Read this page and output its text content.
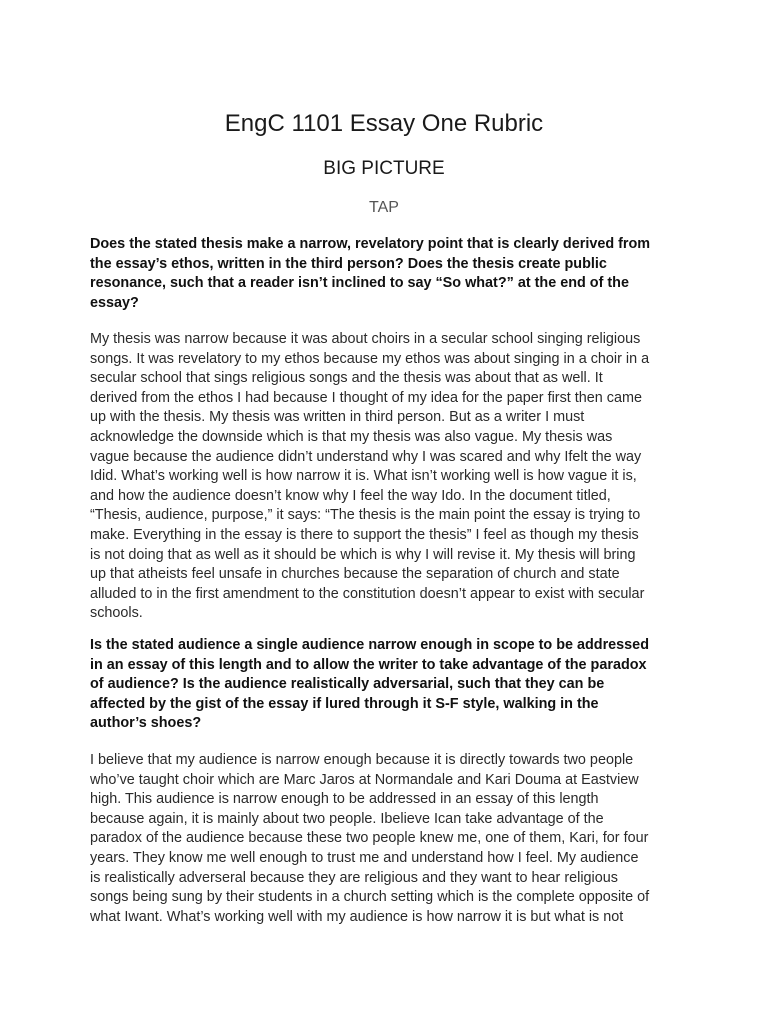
EngC 1101 Essay One Rubric
BIG PICTURE
TAP
Does the stated thesis make a narrow, revelatory point that is clearly derived from
the essay’s ethos, written in the third person? Does the thesis create public
resonance, such that a reader isn’t inclined to say “So what?” at the end of the
essay?
My thesis was narrow because it was about choirs in a secular school singing religious
songs. It was revelatory to my ethos because my ethos was about singing in a choir in a
secular school that sings religious songs and the thesis was about that as well. It
derived from the ethos I had because I thought of my idea for the paper first then came
up with the thesis. My thesis was written in third person. But as a writer I must
acknowledge the downside which is that my thesis was also vague. My thesis was
vague because the audience didn’t understand why I was scared and why Ifelt the way
Idid. What’s working well is how narrow it is. What isn’t working well is how vague it is,
and how the audience doesn’t know why I feel the way Ido. In the document titled,
“Thesis, audience, purpose,” it says: “The thesis is the main point the essay is trying to
make. Everything in the essay is there to support the thesis” I feel as though my thesis
is not doing that as well as it should be which is why I will revise it. My thesis will bring
up that atheists feel unsafe in churches because the separation of church and state
alluded to in the first amendment to the constitution doesn’t appear to exist with secular
schools.
Is the stated audience a single audience narrow enough in scope to be addressed
in an essay of this length and to allow the writer to take advantage of the paradox
of audience? Is the audience realistically adversarial, such that they can be
affected by the gist of the essay if lured through it S-F style, walking in the
author’s shoes?
I believe that my audience is narrow enough because it is directly towards two people
who’ve taught choir which are Marc Jaros at Normandale and Kari Douma at Eastview
high. This audience is narrow enough to be addressed in an essay of this length
because again, it is mainly about two people. Ibelieve Ican take advantage of the
paradox of the audience because these two people knew me, one of them, Kari, for four
years. They know me well enough to trust me and understand how I feel. My audience
is realistically adverseral because they are religious and they want to hear religious
songs being sung by their students in a church setting which is the complete opposite of
what Iwant. What’s working well with my audience is how narrow it is but what is not
